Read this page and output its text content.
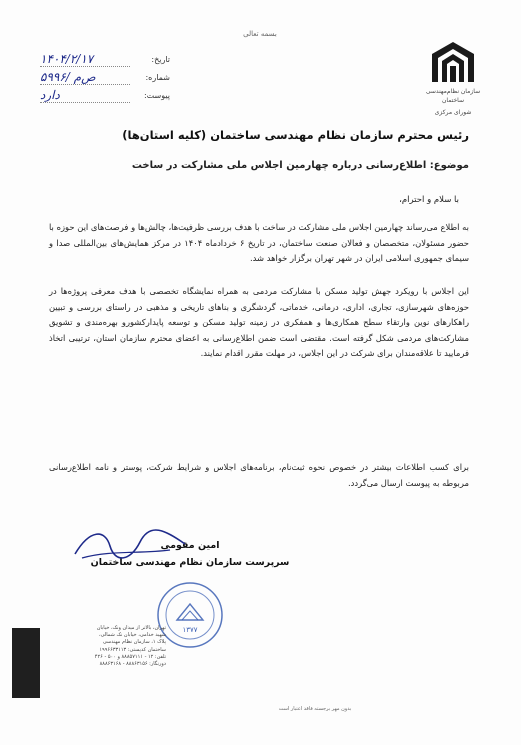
بسمه تعالی
۱۴۰۴/۲/۱۷	تاریخ:
۵۹۹۶/ ص‌م	شماره:
دارد	پیوست:	سازمان نظام‌مهندسی ساختمان
شورای مرکزی
رئیس محترم سازمان نظام مهندسی ساختمان (کلیه استان‌ها)
موضوع: اطلاع‌رسانی درباره چهارمین اجلاس ملی مشارکت در ساخت
با سلام و احترام،
به اطلاع می‌رساند چهارمین اجلاس ملی مشارکت در ساخت با هدف بررسی ظرفیت‌ها، چالش‌ها و فرصت‌های این حوزه با حضور مسئولان، متخصصان و فعالان صنعت ساختمان، در تاریخ ۶ خردادماه ۱۴۰۴ در مرکز همایش‌های بین‌المللی صدا و سیمای جمهوری اسلامی ایران در شهر تهران برگزار خواهد شد.
این اجلاس با رویکرد جهش تولید مسکن با مشارکت مردمی به همراه نمایشگاه تخصصی با هدف معرفی پروژه‌ها در حوزه‌های شهرسازی، تجاری، اداری، درمانی، خدماتی، گردشگری و بناهای تاریخی و مذهبی در راستای بررسی و تبیین راهکارهای نوین وارتقاء سطح همکاری‌ها و همفکری در زمینه تولید مسکن و توسعه پایدارکشورو بهره‌مندی و تشویق مشارکت‌های مردمی شکل گرفته است. مقتضی است ضمن اطلاع‌رسانی به اعضای محترم سازمان استان، ترتیبی اتخاذ فرمایید تا علاقه‌مندان برای شرکت در این اجلاس، در مهلت مقرر اقدام نمایند.
برای کسب اطلاعات بیشتر در خصوص نحوه ثبت‌نام، برنامه‌های اجلاس و شرایط شرکت، پوستر و نامه اطلاع‌رسانی مربوطه به پیوست ارسال می‌گردد.
امین مقومی
سرپرست سازمان نظام مهندسی ساختمان
۱۳۷۷
تهران، بالاتر از میدان ونک، خیابان
شهید خدامی، خیابان نک شمالی،
پلاک ۱، سازمان نظام مهندسی
ساختمان کدپستی: ۱۹۹۶۶۳۳۱۱۳
تلفن: ۱۲ - ۸۸۸۵۷۱۱۱ و ۵۰۰ - ۴۲۶
دورنگار: ۸۸۸۶۳۱۵۶ - ۸۸۸۶۳۱۶۸
بدون مهر برجسته فاقد اعتبار است
